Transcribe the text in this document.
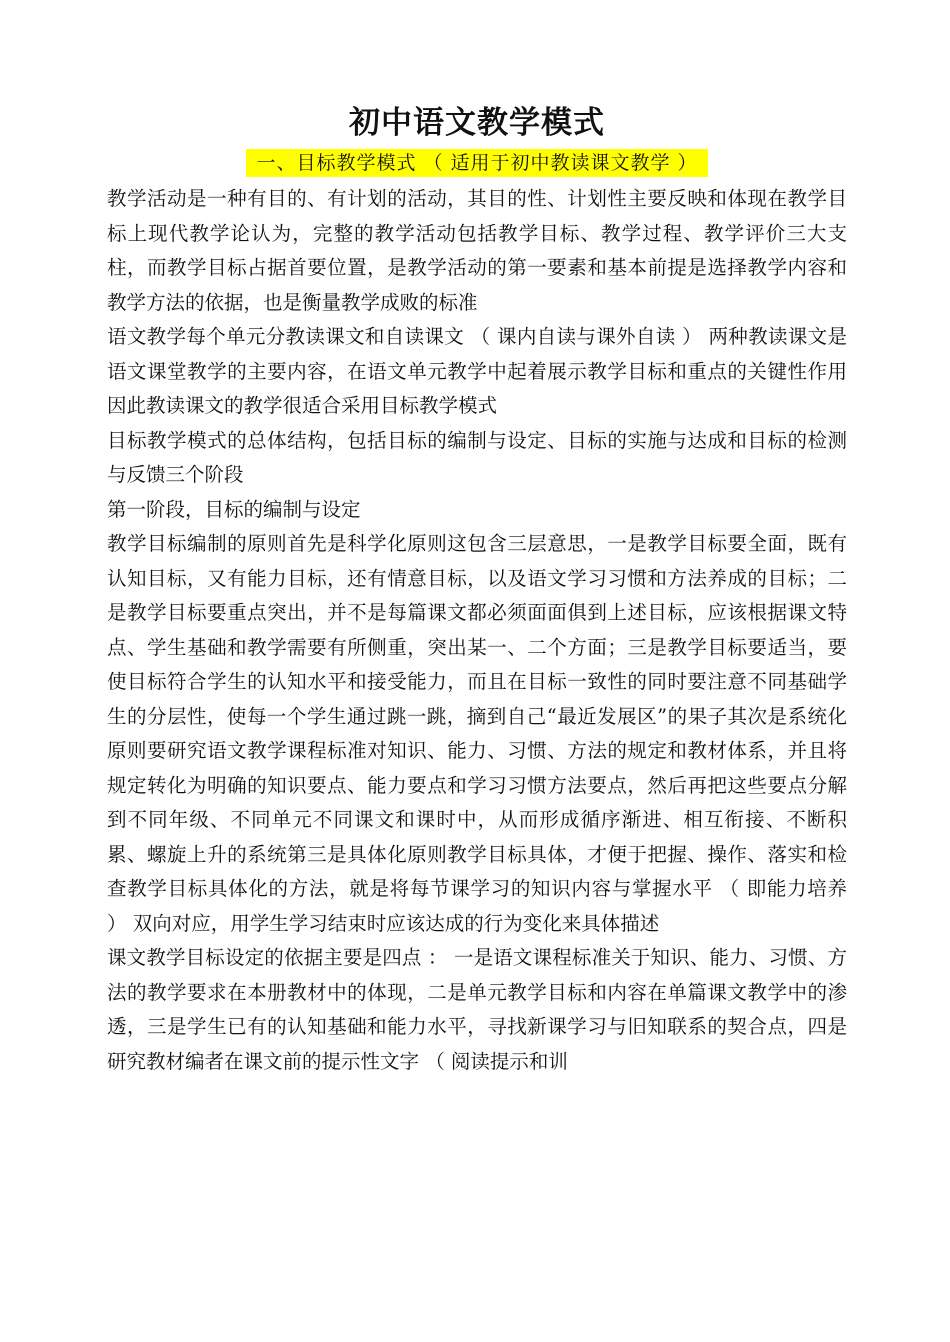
初中语文教学模式
一、目标教学模式 （ 适用于初中教读课文教学 ）

教学活动是一种有目的、有计划的活动，其目的性、计划性主要反映和体现在教学目标上现代教学论认为，完整的教学活动包括教学目标、教学过程、教学评价三大支柱，而教学目标占据首要位置，是教学活动的第一要素和基本前提是选择教学内容和教学方法的依据，也是衡量教学成败的标准

语文教学每个单元分教读课文和自读课文 （ 课内自读与课外自读 ） 两种教读课文是语文课堂教学的主要内容，在语文单元教学中起着展示教学目标和重点的关键性作用因此教读课文的教学很适合采用目标教学模式

目标教学模式的总体结构，包括目标的编制与设定、目标的实施与达成和目标的检测与反馈三个阶段

第一阶段，目标的编制与设定

教学目标编制的原则首先是科学化原则这包含三层意思，一是教学目标要全面，既有认知目标，又有能力目标，还有情意目标，以及语文学习习惯和方法养成的目标；二是教学目标要重点突出，并不是每篇课文都必须面面俱到上述目标，应该根据课文特点、学生基础和教学需要有所侧重，突出某一、二个方面；三是教学目标要适当，要使目标符合学生的认知水平和接受能力，而且在目标一致性的同时要注意不同基础学生的分层性，使每一个学生通过跳一跳，摘到自己“最近发展区”的果子其次是系统化原则要研究语文教学课程标准对知识、能力、习惯、方法的规定和教材体系，并且将规定转化为明确的知识要点、能力要点和学习习惯方法要点，然后再把这些要点分解到不同年级、不同单元不同课文和课时中，从而形成循序渐进、相互衔接、不断积累、螺旋上升的系统第三是具体化原则教学目标具体，才便于把握、操作、落实和检查教学目标具体化的方法，就是将每节课学习的知识内容与掌握水平 （ 即能力培养 ） 双向对应，用学生学习结束时应该达成的行为变化来具体描述

课文教学目标设定的依据主要是四点 ： 一是语文课程标准关于知识、能力、习惯、方法的教学要求在本册教材中的体现，二是单元教学目标和内容在单篇课文教学中的渗透，三是学生已有的认知基础和能力水平，寻找新课学习与旧知联系的契合点，四是研究教材编者在课文前的提示性文字 （ 阅读提示和训
